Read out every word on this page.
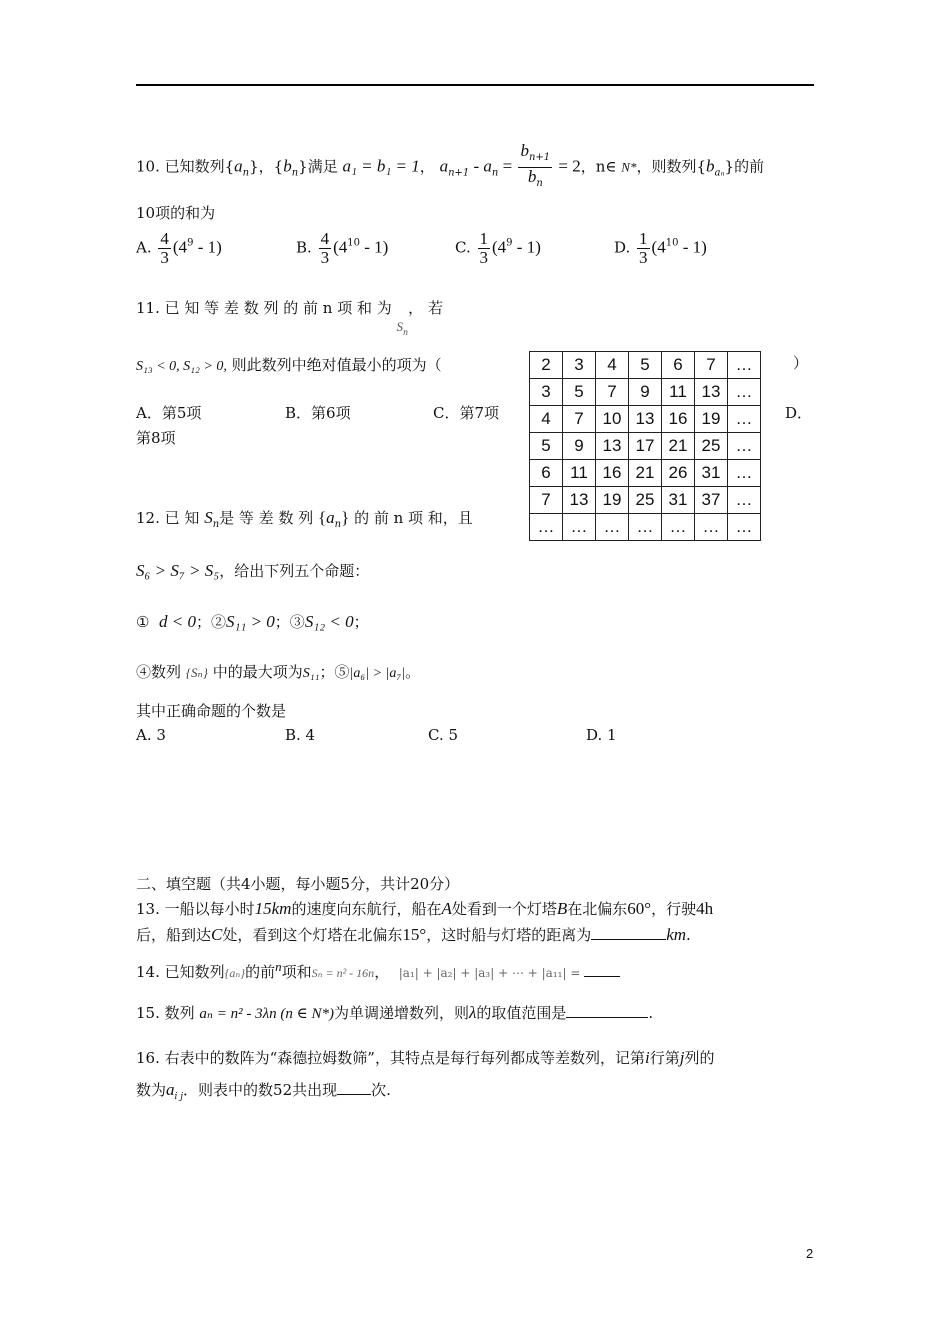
10. 已知数列$\{a_n\}$，$\{b_n\}$满足 a₁ = b₁ = 1， $a_{n+1} - a_n = \frac{b_{n+1}}{b_n} = 2$，n∈ N*，则数列$\{b_{a_n}\}$的前
10项的和为
A. $\frac{4}{3} (4^9 - 1)$	B. $\frac{4}{3} (4^{10} - 1)$	C. $\frac{1}{3} (4^9 - 1)$	D. $\frac{1}{3} (4^{10} - 1)$
11. 已 知 等 差 数 列 的 前 n 项 和 为 $S_n$， 若
S₁₃ < 0, S₁₂ > 0, 则此数列中绝对值最小的项为（	）
A．第5项	B．第6项	C．第7项	D．
第8项
2	3	4	5	6	7	…
3	5	7	9	11	13	…
4	7	10	13	16	19	…
5	9	13	17	21	25	…
6	11	16	21	26	31	…
7	13	19	25	31	37	…
…	…	…	…	…	…	…
12. 已 知 $S_n$是 等 差 数 列 $\{a_n\}$ 的 前 n 项 和，且
S₆ > S₇ > S₅，给出下列五个命题：
① d < 0；②S₁₁ > 0；③S₁₂ < 0；
④数列 {Sₙ} 中的最大项为S₁₁；⑤|a₆| > |a₇|。
其中正确命题的个数是
A. 3	B. 4	C. 5	D. 1
二、填空题（共4小题，每小题5分，共计20分）
13. 一船以每小时15km的速度向东航行，船在A处看到一个灯塔B在北偏东60°，行驶4h
后，船到达C处，看到这个灯塔在北偏东15°，这时船与灯塔的距离为	km.
14. 已知数列{aₙ}的前n项和Sₙ = n² - 16n， |a₁| + |a₂| + |a₃| + ⋯ + |a₁₁| =
15. 数列 aₙ = n² - 3λn (n ∈ N*)为单调递增数列，则λ的取值范围是	.
16. 右表中的数阵为“森德拉姆数筛”，其特点是每行每列都成等差数列，记第i行第j列的
数为$a_{i j}$．则表中的数52共出现 次.
2
